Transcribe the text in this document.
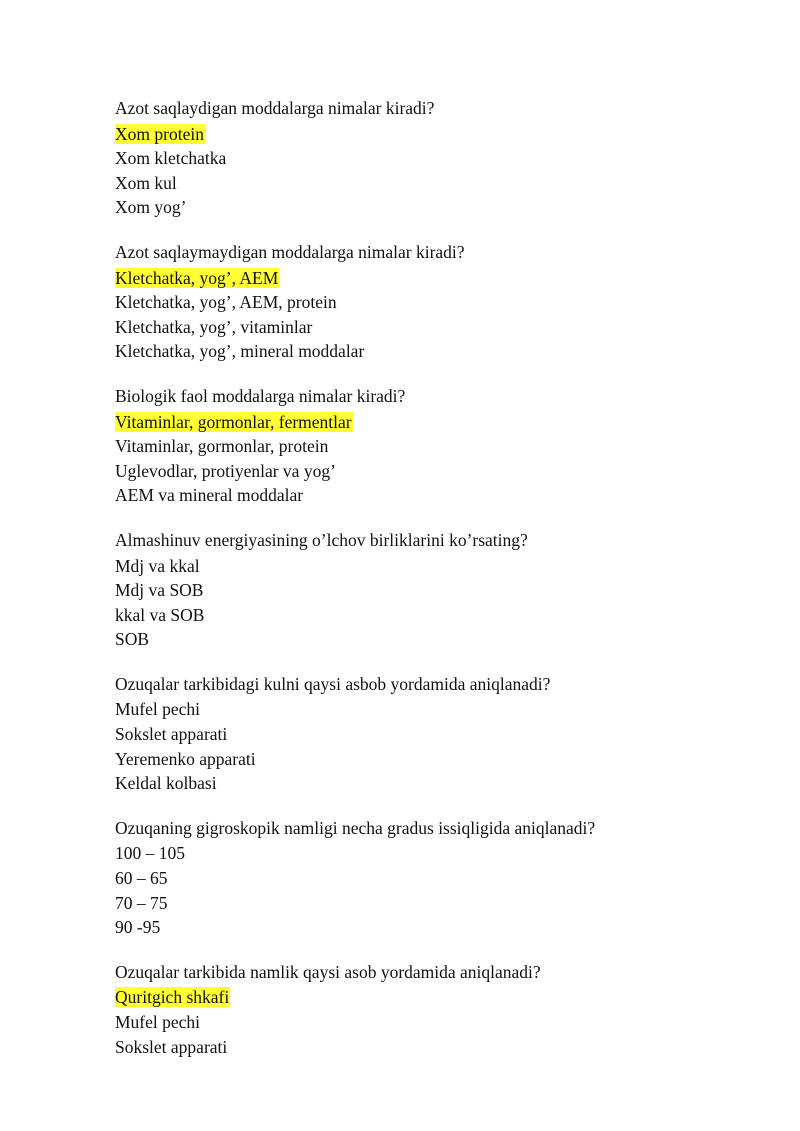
Azot saqlaydigan moddalarga nimalar kiradi?
Xom protein
Xom kletchatka
Xom kul
Xom yog’
Azot saqlaymaydigan moddalarga nimalar kiradi?
Kletchatka, yog’, AEM
Kletchatka, yog’, AEM, protein
Kletchatka, yog’, vitaminlar
Kletchatka, yog’, mineral moddalar
Biologik faol moddalarga nimalar kiradi?
Vitaminlar, gormonlar, fermentlar
Vitaminlar, gormonlar, protein
Uglevodlar, protiyenlar va yog’
AEM va mineral moddalar
Almashinuv energiyasining o’lchov birliklarini ko’rsating?
Mdj va kkal
Mdj va SOB
kkal va SOB
SOB
Ozuqalar tarkibidagi kulni qaysi asbob yordamida aniqlanadi?
Mufel pechi
Sokslet apparati
Yeremenko apparati
Keldal kolbasi
Ozuqaning gigroskopik namligi necha gradus issiqligida aniqlanadi?
100 – 105
60 – 65
70 – 75
90 -95
Ozuqalar tarkibida namlik qaysi asob yordamida aniqlanadi?
Quritgich shkafi
Mufel pechi
Sokslet apparati
